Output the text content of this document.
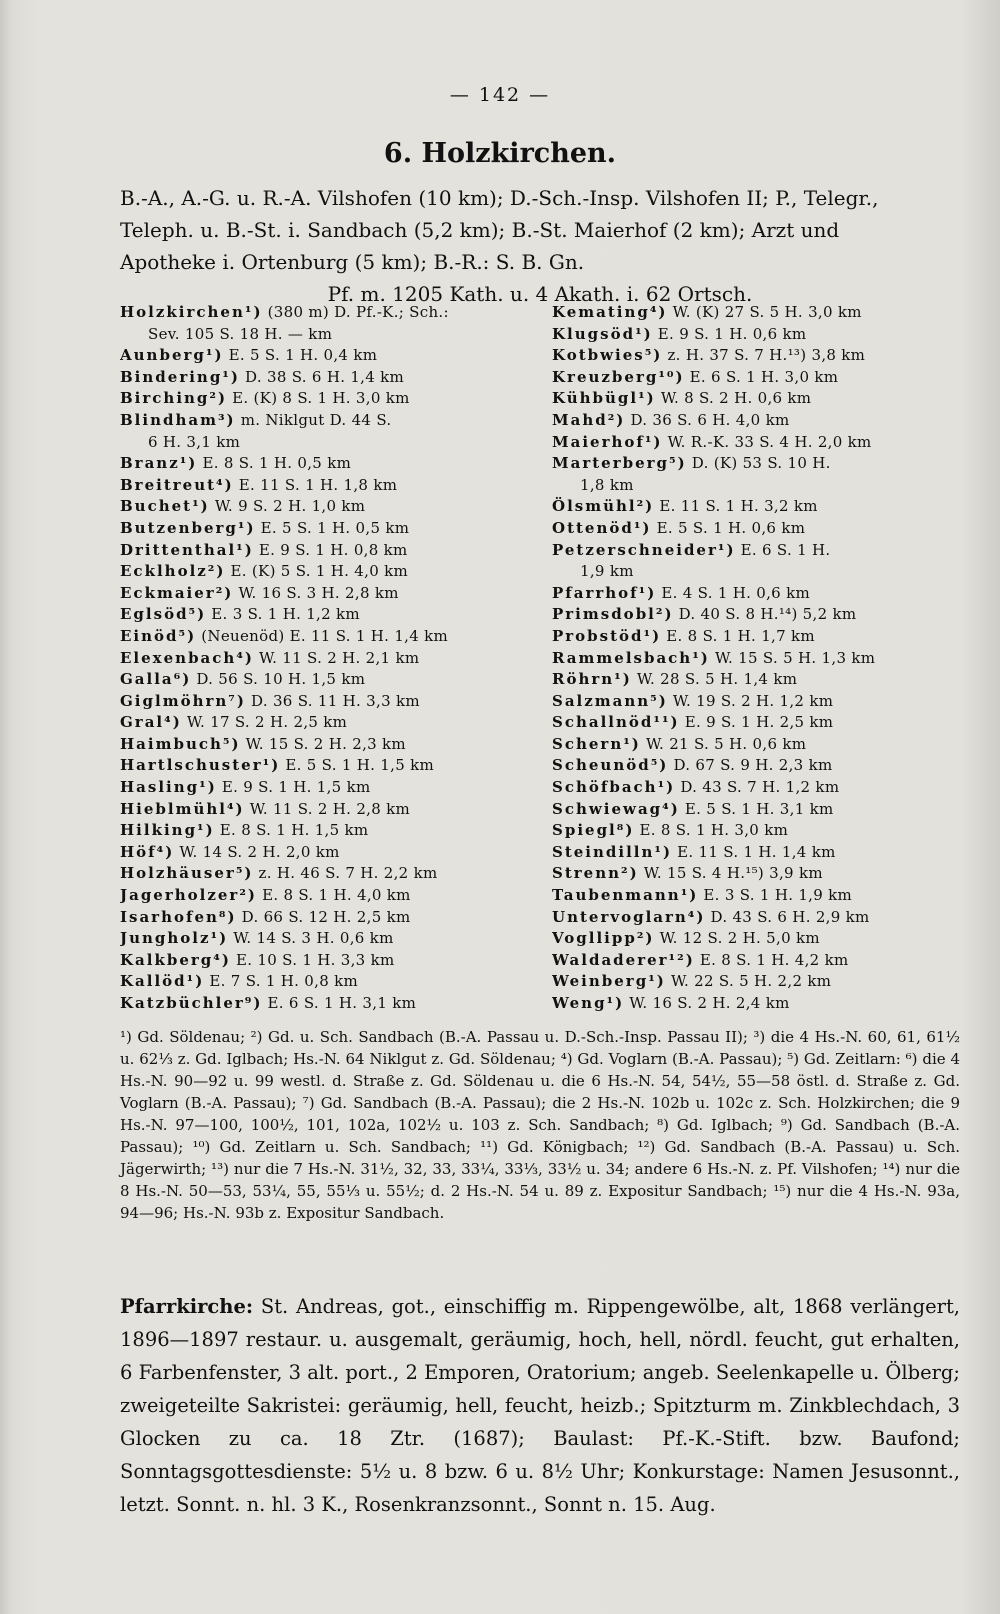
— 142 —
6. Holzkirchen.
B.-A., A.-G. u. R.-A. Vilshofen (10 km); D.-Sch.-Insp. Vilshofen II; P., Telegr.,
Teleph. u. B.-St. i. Sandbach (5,2 km); B.-St. Maierhof (2 km); Arzt und
Apotheke i. Ortenburg (5 km); B.-R.: S. B. Gn.
Pf. m. 1205 Kath. u. 4 Akath. i. 62 Ortsch.
Holzkirchen¹) (380 m) D. Pf.-K.; Sch.:
Sev. 105 S. 18 H. — km
Aunberg¹) E. 5 S. 1 H. 0,4 km
Bindering¹) D. 38 S. 6 H. 1,4 km
Birching²) E. (K) 8 S. 1 H. 3,0 km
Blindham³) m. Niklgut D. 44 S.
6 H. 3,1 km
Branz¹) E. 8 S. 1 H. 0,5 km
Breitreut⁴) E. 11 S. 1 H. 1,8 km
Buchet¹) W. 9 S. 2 H. 1,0 km
Butzenberg¹) E. 5 S. 1 H. 0,5 km
Drittenthal¹) E. 9 S. 1 H. 0,8 km
Ecklholz²) E. (K) 5 S. 1 H. 4,0 km
Eckmaier²) W. 16 S. 3 H. 2,8 km
Eglsöd⁵) E. 3 S. 1 H. 1,2 km
Einöd⁵) (Neuenöd) E. 11 S. 1 H. 1,4 km
Elexenbach⁴) W. 11 S. 2 H. 2,1 km
Galla⁶) D. 56 S. 10 H. 1,5 km
Giglmöhrn⁷) D. 36 S. 11 H. 3,3 km
Gral⁴) W. 17 S. 2 H. 2,5 km
Haimbuch⁵) W. 15 S. 2 H. 2,3 km
Hartlschuster¹) E. 5 S. 1 H. 1,5 km
Hasling¹) E. 9 S. 1 H. 1,5 km
Hieblmühl⁴) W. 11 S. 2 H. 2,8 km
Hilking¹) E. 8 S. 1 H. 1,5 km
Höf⁴) W. 14 S. 2 H. 2,0 km
Holzhäuser⁵) z. H. 46 S. 7 H. 2,2 km
Jagerholzer²) E. 8 S. 1 H. 4,0 km
Isarhofen⁸) D. 66 S. 12 H. 2,5 km
Jungholz¹) W. 14 S. 3 H. 0,6 km
Kalkberg⁴) E. 10 S. 1 H. 3,3 km
Kallöd¹) E. 7 S. 1 H. 0,8 km
Katzbüchler⁹) E. 6 S. 1 H. 3,1 km
Kemating⁴) W. (K) 27 S. 5 H. 3,0 km
Klugsöd¹) E. 9 S. 1 H. 0,6 km
Kotbwies⁵) z. H. 37 S. 7 H.¹³) 3,8 km
Kreuzberg¹⁰) E. 6 S. 1 H. 3,0 km
Kühbügl¹) W. 8 S. 2 H. 0,6 km
Mahd²) D. 36 S. 6 H. 4,0 km
Maierhof¹) W. R.-K. 33 S. 4 H. 2,0 km
Marterberg⁵) D. (K) 53 S. 10 H.
1,8 km
Ölsmühl²) E. 11 S. 1 H. 3,2 km
Ottenöd¹) E. 5 S. 1 H. 0,6 km
Petzerschneider¹) E. 6 S. 1 H.
1,9 km
Pfarrhof¹) E. 4 S. 1 H. 0,6 km
Primsdobl²) D. 40 S. 8 H.¹⁴) 5,2 km
Probstöd¹) E. 8 S. 1 H. 1,7 km
Rammelsbach¹) W. 15 S. 5 H. 1,3 km
Röhrn¹) W. 28 S. 5 H. 1,4 km
Salzmann⁵) W. 19 S. 2 H. 1,2 km
Schallnöd¹¹) E. 9 S. 1 H. 2,5 km
Schern¹) W. 21 S. 5 H. 0,6 km
Scheunöd⁵) D. 67 S. 9 H. 2,3 km
Schöfbach¹) D. 43 S. 7 H. 1,2 km
Schwiewag⁴) E. 5 S. 1 H. 3,1 km
Spiegl⁸) E. 8 S. 1 H. 3,0 km
Steindilln¹) E. 11 S. 1 H. 1,4 km
Strenn²) W. 15 S. 4 H.¹⁵) 3,9 km
Taubenmann¹) E. 3 S. 1 H. 1,9 km
Untervoglarn⁴) D. 43 S. 6 H. 2,9 km
Vogllipp²) W. 12 S. 2 H. 5,0 km
Waldaderer¹²) E. 8 S. 1 H. 4,2 km
Weinberg¹) W. 22 S. 5 H. 2,2 km
Weng¹) W. 16 S. 2 H. 2,4 km

¹) Gd. Söldenau; ²) Gd. u. Sch. Sandbach (B.-A. Passau u. D.-Sch.-Insp. Passau II); ³) die 4 Hs.-N. 60, 61, 61½ u. 62⅓ z. Gd. Iglbach; Hs.-N. 64 Niklgut z. Gd. Söldenau; ⁴) Gd. Voglarn (B.-A. Passau); ⁵) Gd. Zeitlarn: ⁶) die 4 Hs.-N. 90—92 u. 99 westl. d. Straße z. Gd. Söldenau u. die 6 Hs.-N. 54, 54½, 55—58 östl. d. Straße z. Gd. Voglarn (B.-A. Passau); ⁷) Gd. Sandbach (B.-A. Passau); die 2 Hs.-N. 102b u. 102c z. Sch. Holzkirchen; die 9 Hs.-N. 97—100, 100½, 101, 102a, 102½ u. 103 z. Sch. Sandbach; ⁸) Gd. Iglbach; ⁹) Gd. Sandbach (B.-A. Passau); ¹⁰) Gd. Zeitlarn u. Sch. Sandbach; ¹¹) Gd. Königbach; ¹²) Gd. Sandbach (B.-A. Passau) u. Sch. Jägerwirth; ¹³) nur die 7 Hs.-N. 31½, 32, 33, 33¼, 33⅓, 33½ u. 34; andere 6 Hs.-N. z. Pf. Vilshofen; ¹⁴) nur die 8 Hs.-N. 50—53, 53¼, 55, 55⅓ u. 55½; d. 2 Hs.-N. 54 u. 89 z. Expositur Sandbach; ¹⁵) nur die 4 Hs.-N. 93a, 94—96; Hs.-N. 93b z. Expositur Sandbach.

Pfarrkirche: St. Andreas, got., einschiffig m. Rippengewölbe, alt, 1868 verlängert, 1896—1897 restaur. u. ausgemalt, geräumig, hoch, hell, nördl. feucht, gut erhalten, 6 Farbenfenster, 3 alt. port., 2 Emporen, Oratorium; angeb. Seelenkapelle u. Ölberg; zweigeteilte Sakristei: geräumig, hell, feucht, heizb.; Spitzturm m. Zinkblechdach, 3 Glocken zu ca. 18 Ztr. (1687); Baulast: Pf.-K.-Stift. bzw. Baufond; Sonntagsgottesdienste: 5½ u. 8 bzw. 6 u. 8½ Uhr; Konkurstage: Namen Jesusonnt., letzt. Sonnt. n. hl. 3 K., Rosenkranzsonnt., Sonnt n. 15. Aug.
